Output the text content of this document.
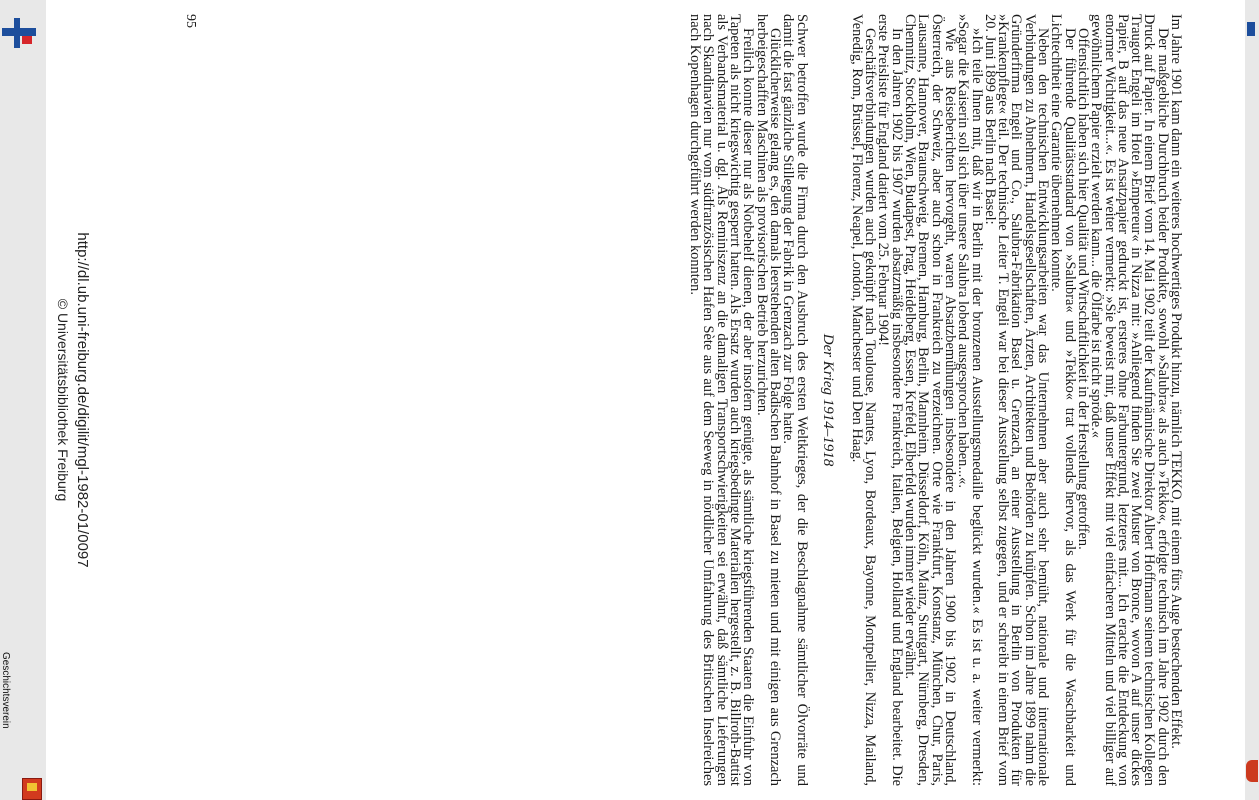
http://dl.ub.uni-freiburg.de/digilit/mgl-1982-01/0097
© Universitätsbibliothek Freiburg
Geschichtsverein	Im Jahre 1901 kam dann ein weiteres hochwertiges Produkt hinzu, nämlich TEKKO, mit einem fürs Auge bestechenden Effekt.

Der maßgebliche Durchbruch beider Produkte, sowohl »Salubra« als auch »Tekko«, erfolgte technisch im Jahre 1902 durch den Druck auf Papier. In einem Brief vom 14. Mai 1902 teilt der Kaufmännische Direktor Albert Hoffmann seinem technischen Kollegen Traugott Engeli im Hotel »Empereur« in Nizza mit: »Anliegend finden Sie zwei Muster von Bronce, wovon A auf unser dickes Papier, B auf das neue Ansatzpapier gedruckt ist, ersteres ohne Farbuntergrund, letzteres mit... Ich erachte die Entdeckung von enormer Wichtigkeit...«. Es ist weiter vermerkt: »Sie beweist mir, daß unser Effekt mit viel einfacheren Mitteln und viel billiger auf gewöhnlichem Papier erzielt werden kann... die Ölfarbe ist nicht spröde.«

Offensichtlich haben sich hier Qualität und Wirtschaftlichkeit in der Herstellung getroffen.

Der führende Qualitätsstandard von »Salubra« und »Tekko« trat vollends hervor, als das Werk für die Waschbarkeit und Lichtechtheit eine Garantie übernehmen konnte.

Neben den technischen Entwicklungsarbeiten war das Unternehmen aber auch sehr bemüht, nationale und internationale Verbindungen zu Abnehmern, Handelsgesellschaften, Ärzten, Architekten und Behörden zu knüpfen. Schon im Jahre 1899 nahm die Gründerfirma Engeli und Co., Salubra-Fabrikation Basel u. Grenzach, an einer Ausstellung in Berlin von Produkten für »Krankenpflege« teil. Der technische Leiter T. Engeli war bei dieser Ausstellung selbst zugegen, und er schreibt in einem Brief vom 20. Juni 1899 aus Berlin nach Basel:

»Ich teile Ihnen mit, daß wir in Berlin mit der bronzenen Ausstellungsmedaille beglückt wurden.« Es ist u. a. weiter vermerkt: »Sogar die Kaiserin soll sich über unsere Salubra lobend ausgesprochen haben...«.

Wie aus Reiseberichten hervorgeht, waren Absatzbemühungen insbesondere in den Jahren 1900 bis 1902 in Deutschland, Österreich, der Schweiz, aber auch schon in Frankreich zu verzeichnen. Orte wie Frankfurt, Konstanz, München, Chur, Paris, Lausanne, Hannover, Braunschweig, Bremen, Hamburg, Berlin, Mannheim, Düsseldorf, Köln, Mainz, Stuttgart, Nürnberg, Dresden, Chemnitz, Stockholm, Wien, Budapest, Prag, Heidelberg, Essen, Krefeld, Elberfeld wurden immer wieder erwähnt.

In den Jahren 1902 bis 1907 wurden absatzmäßig insbesondere Frankreich, Italien, Belgien, Holland und England bearbeitet. Die erste Preisliste für England datiert vom 25. Februar 1904!

Geschäftsverbindungen wurden auch geknüpft nach Toulouse, Nantes, Lyon, Bordeaux, Bayonne, Montpellier, Nizza, Mailand, Venedig, Rom, Brüssel, Florenz, Neapel, London, Manchester und Den Haag.

Der Krieg 1914–1918

Schwer betroffen wurde die Firma durch den Ausbruch des ersten Weltkrieges, der die Beschlagnahme sämtlicher Ölvorräte und damit die fast gänzliche Stillegung der Fabrik in Grenzach zur Folge hatte.

Glücklicherweise gelang es, den damals leerstehenden alten Badischen Bahnhof in Basel zu mieten und mit einigen aus Grenzach herbeigeschafften Maschinen als provisorischen Betrieb herzurichten.

Freilich konnte dieser nur als Notbehelf dienen, der aber insofern genügte, als sämtliche kriegsführenden Staaten die Einfuhr von Tapeten als nicht kriegswichtig gesperrt hatten. Als Ersatz wurden auch kriegsbedingte Materialien hergestellt, z. B. Billroth-Battist als Verbandsmaterial u. dgl. Als Reminiszenz an die damaligen Transportschwierigkeiten sei erwähnt, daß sämtliche Lieferungen nach Skandinavien nur vom südfranzösischen Hafen Sète aus auf dem Seeweg in nördlicher Umfahrung des Britischen Inselreiches nach Kopenhagen durchgeführt werden konnten.

95
